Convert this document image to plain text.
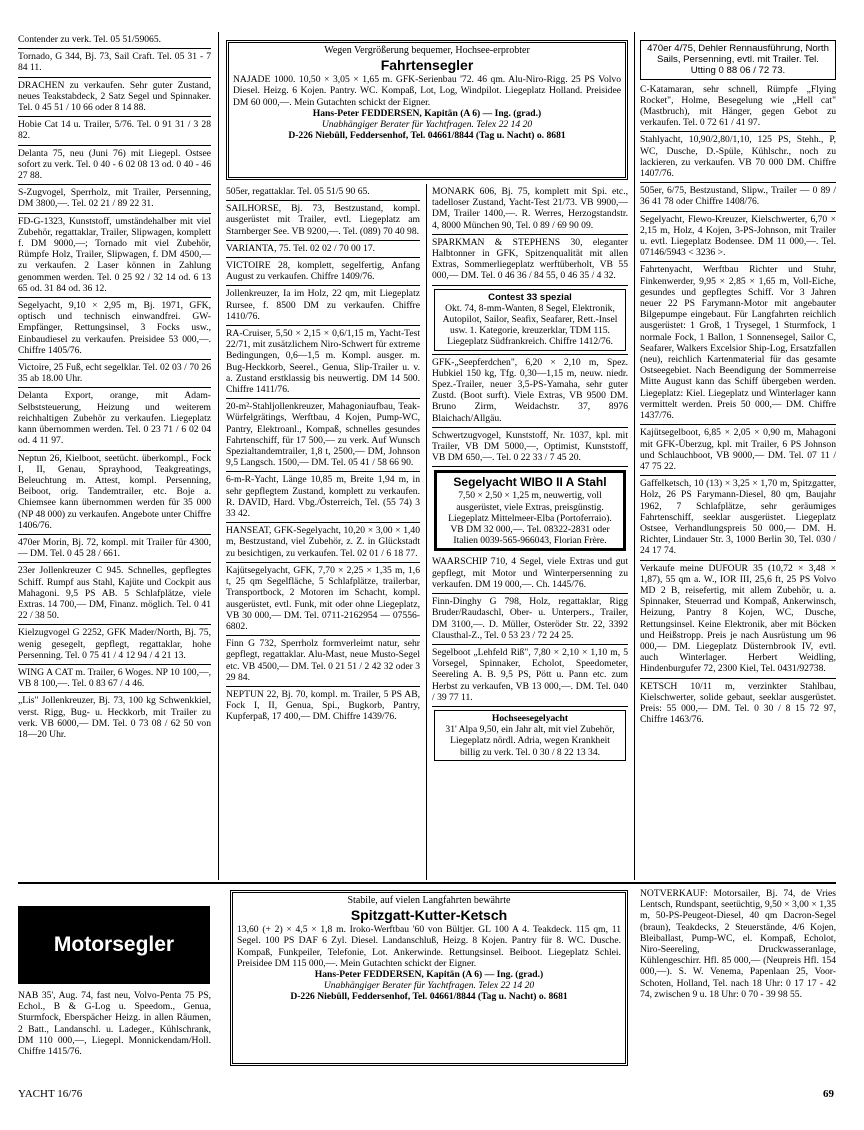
Contender zu verk. Tel. 05 51/59065.
Tornado, G 344, Bj. 73, Sail Craft. Tel. 05 31 - 7 84 11.
DRACHEN zu verkaufen. Sehr guter Zustand, neues Teakstabdeck, 2 Satz Segel und Spinnaker. Tel. 0 45 51 / 10 66 oder 8 14 88.
Hobie Cat 14 u. Trailer, 5/76. Tel. 0 91 31 / 3 28 82.
Delanta 75, neu (Juni 76) mit Liegepl. Ostsee sofort zu verk. Tel. 0 40 - 6 02 08 13 od. 0 40 - 46 27 88.
S-Zugvogel, Sperrholz, mit Trailer, Persenning, DM 3800,—. Tel. 02 21 / 89 22 31.
FD-G-1323, Kunststoff, umständehalber mit viel Zubehör, regattaklar, Trailer, Slipwagen, komplett f. DM 9000,—; Tornado mit viel Zubehör, Rümpfe Holz, Trailer, Slipwagen, f. DM 4500,— zu verkaufen. 2 Laser können in Zahlung genommen werden. Tel. 0 25 92 / 32 14 od. 6 13 65 od. 31 84 od. 36 12.
Segelyacht, 9,10 × 2,95 m, Bj. 1971, GFK, optisch und technisch einwandfrei. GW-Empfänger, Rettungsinsel, 3 Focks usw., Einbaudiesel zu verkaufen. Preisidee 53 000,—. Chiffre 1405/76.
Victoire, 25 Fuß, echt segelklar. Tel. 02 03 / 70 26 35 ab 18.00 Uhr.
Delanta Export, orange, mit Adam-Selbststeuerung, Heizung und weiterem reichhaltigen Zubehör zu verkaufen. Liegeplatz kann übernommen werden. Tel. 0 23 71 / 6 02 04 od. 4 11 97.
Neptun 26, Kielboot, seetücht. überkompl., Fock I, II, Genau, Sprayhood, Teakgreatings, Beleuchtung m. Attest, kompl. Persenning, Beiboot, orig. Tandemtrailer, etc. Boje a. Chiemsee kann übernommen werden für 35 000 (NP 48 000) zu verkaufen. Angebote unter Chiffre 1406/76.
470er Morin, Bj. 72, kompl. mit Trailer für 4300,— DM. Tel. 0 45 28 / 661.
23er Jollenkreuzer C 945. Schnelles, gepflegtes Schiff. Rumpf aus Stahl, Kajüte und Cockpit aus Mahagoni. 9,5 PS AB. 5 Schlafplätze, viele Extras. 14 700,— DM, Finanz. möglich. Tel. 0 41 22 / 38 50.
Kielzugvogel G 2252, GFK Mader/North, Bj. 75, wenig gesegelt, gepflegt, regattaklar, hohe Persenning. Tel. 0 75 41 / 4 12 94 / 4 21 13.
WING A CAT m. Trailer, 6 Woges. NP 10 100,—, VB 8 100,—. Tel. 0 83 67 / 4 46.
„Lis" Jollenkreuzer, Bj. 73, 100 kg Schwenkkiel, verst. Rigg, Bug- u. Heckkorb, mit Trailer zu verk. VB 6000,— DM. Tel. 0 73 08 / 62 50 von 18—20 Uhr.
Wegen Vergrößerung bequemer, Hochsee-erprobter
Fahrtensegler
NAJADE 1000. 10,50 × 3,05 × 1,65 m. GFK-Serienbau '72. 46 qm. Alu-Niro-Rigg. 25 PS Volvo Diesel. Heizg. 6 Kojen. Pantry. WC. Kompaß, Lot, Log, Windpilot. Liegeplatz Holland. Preisidee DM 60 000,—. Mein Gutachten schickt der Eigner.
Hans-Peter FEDDERSEN, Kapitän (A 6) — Ing. (grad.)
Unabhängiger Berater für Yachtfragen. Telex 22 14 20
D-226 Niebüll, Feddersenhof, Tel. 04661/8844 (Tag u. Nacht) o. 8681
505er, regattaklar. Tel. 05 51/5 90 65.
SAILHORSE, Bj. 73, Bestzustand, kompl. ausgerüstet mit Trailer, evtl. Liegeplatz am Starnberger See. VB 9200,—. Tel. (089) 70 40 98.
VARIANTA, 75. Tel. 02 02 / 70 00 17.
VICTOIRE 28, komplett, segelfertig, Anfang August zu verkaufen. Chiffre 1409/76.
Jollenkreuzer, Ia im Holz, 22 qm, mit Liegeplatz Rursee, f. 8500 DM zu verkaufen. Chiffre 1410/76.
RA-Cruiser, 5,50 × 2,15 × 0,6/1,15 m, Yacht-Test 22/71, mit zusätzlichem Niro-Schwert für extreme Bedingungen, 0,6—1,5 m. Kompl. ausger. m. Bug-Heckkorb, Seerel., Genua, Slip-Trailer u. v. a. Zustand erstklassig bis neuwertig. DM 14 500. Chiffre 1411/76.
20-m²-Stahljollenkreuzer, Mahagoniaufbau, Teak-Würfelgrätings, Werftbau, 4 Kojen, Pump-WC, Pantry, Elektroanl., Kompaß, schnelles gesundes Fahrtenschiff, für 17 500,— zu verk. Auf Wunsch Spezialtandemtrailer, 1,8 t, 2500,— DM, Johnson 9,5 Langsch. 1500,— DM. Tel. 05 41 / 58 66 90.
6-m-R-Yacht, Länge 10,85 m, Breite 1,94 m, in sehr gepflegtem Zustand, komplett zu verkaufen. R. DAVID, Hard. Vbg./Österreich, Tel. (55 74) 3 33 42.
HANSEAT, GFK-Segelyacht, 10,20 × 3,00 × 1,40 m, Bestzustand, viel Zubehör, z. Z. in Glückstadt zu besichtigen, zu verkaufen. Tel. 02 01 / 6 18 77.
Kajütsegelyacht, GFK, 7,70 × 2,25 × 1,35 m, 1,6 t, 25 qm Segelfläche, 5 Schlafplätze, trailerbar, Transportbock, 2 Motoren im Schacht, kompl. ausgerüstet, evtl. Funk, mit oder ohne Liegeplatz, VB 30 000,— DM. Tel. 0711-2162954 — 07556-6802.
Finn G 732, Sperrholz formverleimt natur, sehr gepflegt, regattaklar. Alu-Mast, neue Musto-Segel etc. VB 4500,— DM. Tel. 0 21 51 / 2 42 32 oder 3 29 84.
NEPTUN 22, Bj. 70, kompl. m. Trailer, 5 PS AB, Fock I, II, Genua, Spi., Bugkorb, Pantry, Kupferpaß, 17 400,— DM. Chiffre 1439/76.
MONARK 606, Bj. 75, komplett mit Spi. etc., tadelloser Zustand, Yacht-Test 21/73. VB 9900,— DM, Trailer 1400,—. R. Werres, Herzogstandstr. 4, 8000 München 90, Tel. 0 89 / 69 90 09.
SPARKMAN & STEPHENS 30, eleganter Halbtonner in GFK, Spitzenqualität mit allen Extras, Sommerliegeplatz werftüberholt, VB 55 000,— DM. Tel. 0 46 36 / 84 55, 0 46 35 / 4 32.
Contest 33 spezial
Okt. 74, 8-mm-Wanten, 8 Segel, Elektronik, Autopilot, Sailor, Seafix, Seafarer, Rett.-Insel usw. 1. Kategorie, kreuzerklar, TDM 115. Liegeplatz Südfrankreich. Chiffre 1412/76.
GFK-„Seepferdchen", 6,20 × 2,10 m, Spez. Hubkiel 150 kg, Tfg. 0,30—1,15 m, neuw. niedr. Spez.-Trailer, neuer 3,5-PS-Yamaha, sehr guter Zustd. (Boot surft). Viele Extras, VB 9500 DM. Bruno Zirm, Weidachstr. 37, 8976 Blaichach/Allgäu.
Schwertzugvogel, Kunststoff, Nr. 1037, kpl. mit Trailer, VB DM 5000,—, Optimist, Kunststoff, VB DM 650,—. Tel. 0 22 33 / 7 45 20.
Segelyacht WIBO II A Stahl
7,50 × 2,50 × 1,25 m, neuwertig, voll ausgerüstet, viele Extras, preisgünstig. Liegeplatz Mittelmeer-Elba (Portoferraio). VB DM 32 000,—. Tel. 08322-2831 oder Italien 0039-565-966043, Florian Frère.
WAARSCHIP 710, 4 Segel, viele Extras und gut gepflegt, mit Motor und Winterpersenning zu verkaufen. DM 19 000,—. Ch. 1445/76.
Finn-Dinghy G 798, Holz, regattaklar, Rigg Bruder/Raudaschl, Ober- u. Unterpers., Trailer, DM 3100,—. D. Müller, Osteröder Str. 22, 3392 Clausthal-Z., Tel. 0 53 23 / 72 24 25.
Segelboot „Lehfeld Riß", 7,80 × 2,10 × 1,10 m, 5 Vorsegel, Spinnaker, Echolot, Speedometer, Seereling A. B. 9,5 PS, Pött u. Pann etc. zum Herbst zu verkaufen, VB 13 000,—. DM. Tel. 040 / 39 77 11.
Hochseesegelyacht
31' Alpa 9,50, ein Jahr alt, mit viel Zubehör, Liegeplatz nördl. Adria, wegen Krankheit billig zu verk. Tel. 0 30 / 8 22 13 34.
470er 4/75, Dehler Rennausführung, North Sails, Persenning, evtl. mit Trailer. Tel. Utting 0 88 06 / 72 73.
C-Katamaran, sehr schnell, Rümpfe „Flying Rocket", Holme, Besegelung wie „Hell cat" (Mastbruch), mit Hänger, gegen Gebot zu verkaufen. Tel. 0 72 61 / 41 97.
Stahlyacht, 10,90/2,80/1,10, 125 PS, Stehh., P, WC, Dusche, D.-Spüle, Kühlschr., noch zu lackieren, zu verkaufen. VB 70 000 DM. Chiffre 1407/76.
505er, 6/75, Bestzustand, Slipw., Trailer — 0 89 / 36 41 78 oder Chiffre 1408/76.
Segelyacht, Flewo-Kreuzer, Kielschwerter, 6,70 × 2,15 m, Holz, 4 Kojen, 3-PS-Johnson, mit Trailer u. evtl. Liegeplatz Bodensee. DM 11 000,—. Tel. 07146/5943 < 3236 >.
Fahrtenyacht, Werftbau Richter und Stuhr, Finkenwerder, 9,95 × 2,85 × 1,65 m, Voll-Eiche, gesundes und gepflegtes Schiff. Vor 3 Jahren neuer 22 PS Farymann-Motor mit angebauter Bilgepumpe eingebaut. Für Langfahrten reichlich ausgerüstet: 1 Groß, 1 Trysegel, 1 Sturmfock, 1 normale Fock, 1 Ballon, 1 Sonnensegel, Sailor C, Seafarer, Walkers Excelsior Ship-Log, Ersatzfallen (neu), reichlich Kartenmaterial für das gesamte Ostseegebiet. Nach Beendigung der Sommerreise Mitte August kann das Schiff übergeben werden. Liegeplatz: Kiel. Liegeplatz und Winterlager kann vermittelt werden. Preis 50 000,— DM. Chiffre 1437/76.
Kajütsegelboot, 6,85 × 2,05 × 0,90 m, Mahagoni mit GFK-Überzug, kpl. mit Trailer, 6 PS Johnson und Schlauchboot, VB 9000,— DM. Tel. 07 11 / 47 75 22.
Gaffelketsch, 10 (13) × 3,25 × 1,70 m, Spitzgatter, Holz, 26 PS Farymann-Diesel, 80 qm, Baujahr 1962, 7 Schlafplätze, sehr geräumiges Fahrtenschiff, seeklar ausgerüstet. Liegeplatz Ostsee, Verhandlungspreis 50 000,— DM. H. Richter, Lindauer Str. 3, 1000 Berlin 30, Tel. 030 / 24 17 74.
Verkaufe meine DUFOUR 35 (10,72 × 3,48 × 1,87), 55 qm a. W., IOR III, 25,6 ft, 25 PS Volvo MD 2 B, reisefertig, mit allem Zubehör, u. a. Spinnaker, Steuerrad und Kompaß, Ankerwinsch, Heizung, Pantry 8 Kojen, WC, Dusche, Rettungsinsel. Keine Elektronik, aber mit Böcken und Heißstropp. Preis je nach Ausrüstung um 96 000,— DM. Liegeplatz Düsternbrook IV, evtl. auch Winterlager. Herbert Weidling, Hindenburgufer 72, 2300 Kiel, Tel. 0431/92738.
KETSCH 10/11 m, verzinkter Stahlbau, Kielschwerter, solide gebaut, seeklar ausgerüstet. Preis: 55 000,— DM. Tel. 0 30 / 8 15 72 97, Chiffre 1463/76.
Motorsegler
NAB 35', Aug. 74, fast neu, Volvo-Penta 75 PS, Echol., B & G-Log u. Speedom., Genua, Sturmfock, Eberspächer Heizg. in allen Räumen, 2 Batt., Landanschl. u. Ladeger., Kühlschrank, DM 110 000,—, Liegepl. Monnickendam/Holl. Chiffre 1415/76.
Stabile, auf vielen Langfahrten bewährte
Spitzgatt-Kutter-Ketsch
13,60 (+ 2) × 4,5 × 1,8 m. Iroko-Werftbau '60 von Bültjer. GL 100 A 4. Teakdeck. 115 qm, 11 Segel. 100 PS DAF 6 Zyl. Diesel. Landanschluß, Heizg. 8 Kojen. Pantry für 8. WC. Dusche. Kompaß, Funkpeiler, Telefonie, Lot. Ankerwinde. Rettungsinsel. Beiboot. Liegeplatz Schlei. Preisidee DM 115 000,—. Mein Gutachten schickt der Eigner.
Hans-Peter FEDDERSEN, Kapitän (A 6) — Ing. (grad.)
Unabhängiger Berater für Yachtfragen. Telex 22 14 20
D-226 Niebüll, Feddersenhof, Tel. 04661/8844 (Tag u. Nacht) o. 8681
NOTVERKAUF: Motorsailer, Bj. 74, de Vries Lentsch, Rundspant, seetüchtig, 9,50 × 3,00 × 1,35 m, 50-PS-Peugeot-Diesel, 40 qm Dacron-Segel (braun), Teakdecks, 2 Steuerstände, 4/6 Kojen, Bleiballast, Pump-WC, el. Kompaß, Echolot, Niro-Seereling, Druckwasseranlage, Kühlengeschirr. Hfl. 85 000,— (Neupreis Hfl. 154 000,—). S. W. Venema, Papenlaan 25, Voor-Schoten, Holland, Tel. nach 18 Uhr: 0 17 17 - 42 74, zwischen 9 u. 18 Uhr: 0 70 - 39 98 55.
YACHT 16/76	69
